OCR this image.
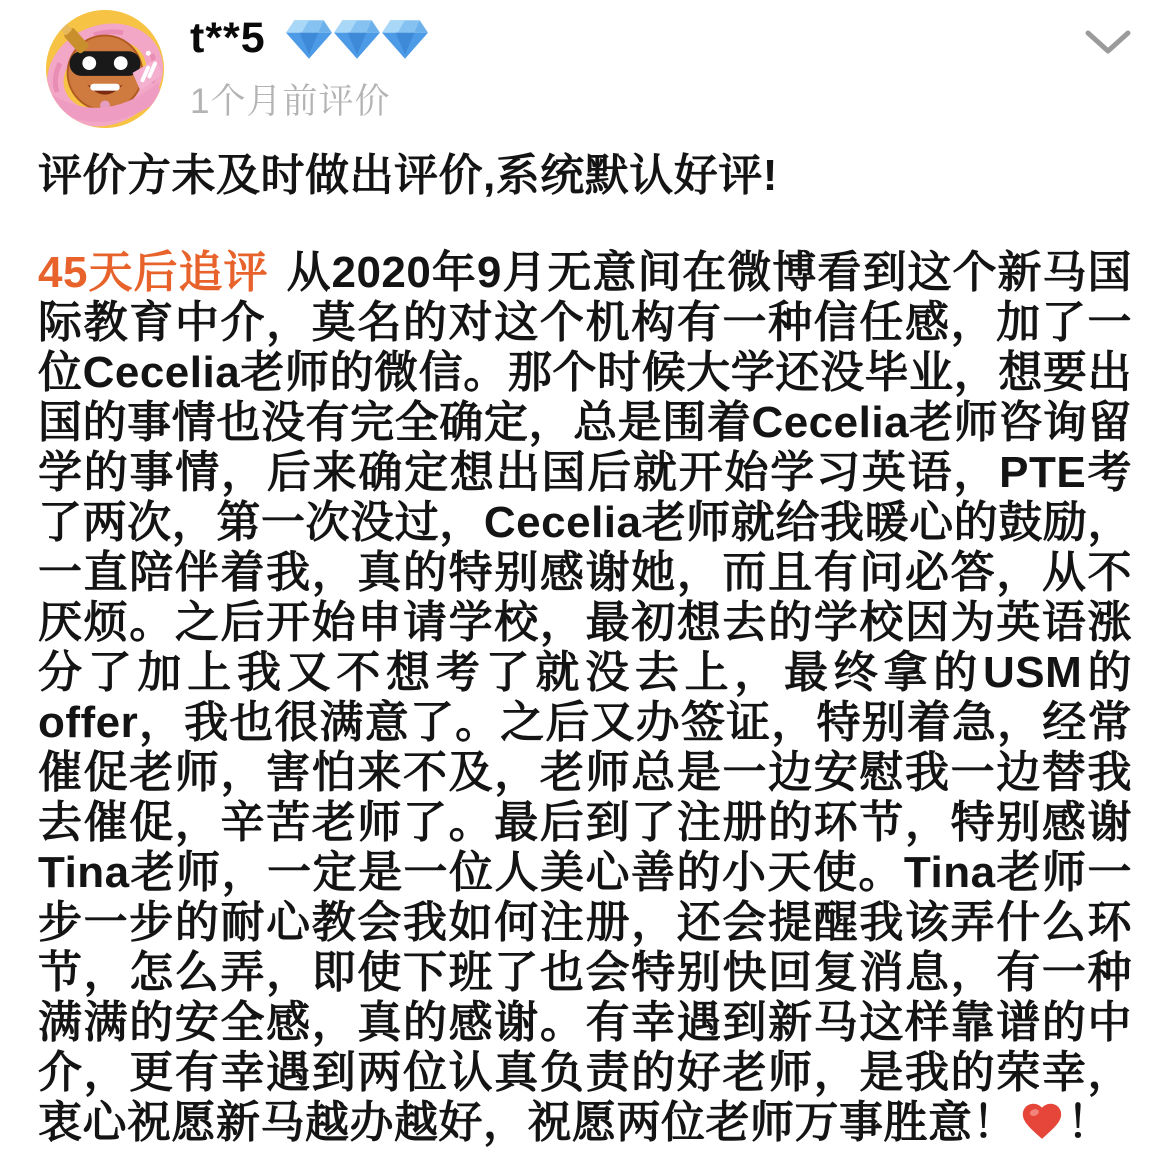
t**5
1个月前评价
评价方未及时做出评价,系统默认好评!
45天后追评 从2020年9月无意间在微博看到这个新马国际教育中介，莫名的对这个机构有一种信任感，加了一位Cecelia老师的微信。那个时候大学还没毕业，想要出国的事情也没有完全确定，总是围着Cecelia老师咨询留学的事情，后来确定想出国后就开始学习英语，PTE考了两次，第一次没过，Cecelia老师就给我暖心的鼓励，一直陪伴着我，真的特别感谢她，而且有问必答，从不厌烦。之后开始申请学校，最初想去的学校因为英语涨分了加上我又不想考了就没去上，最终拿的USM的offer，我也很满意了。之后又办签证，特别着急，经常催促老师，害怕来不及，老师总是一边安慰我一边替我去催促，辛苦老师了。最后到了注册的环节，特别感谢Tina老师，一定是一位人美心善的小天使。Tina老师一步一步的耐心教会我如何注册，还会提醒我该弄什么环节，怎么弄，即使下班了也会特别快回复消息，有一种满满的安全感，真的感谢。有幸遇到新马这样靠谱的中介，更有幸遇到两位认真负责的好老师，是我的荣幸，衷心祝愿新马越办越好，祝愿两位老师万事胜意！ ！
